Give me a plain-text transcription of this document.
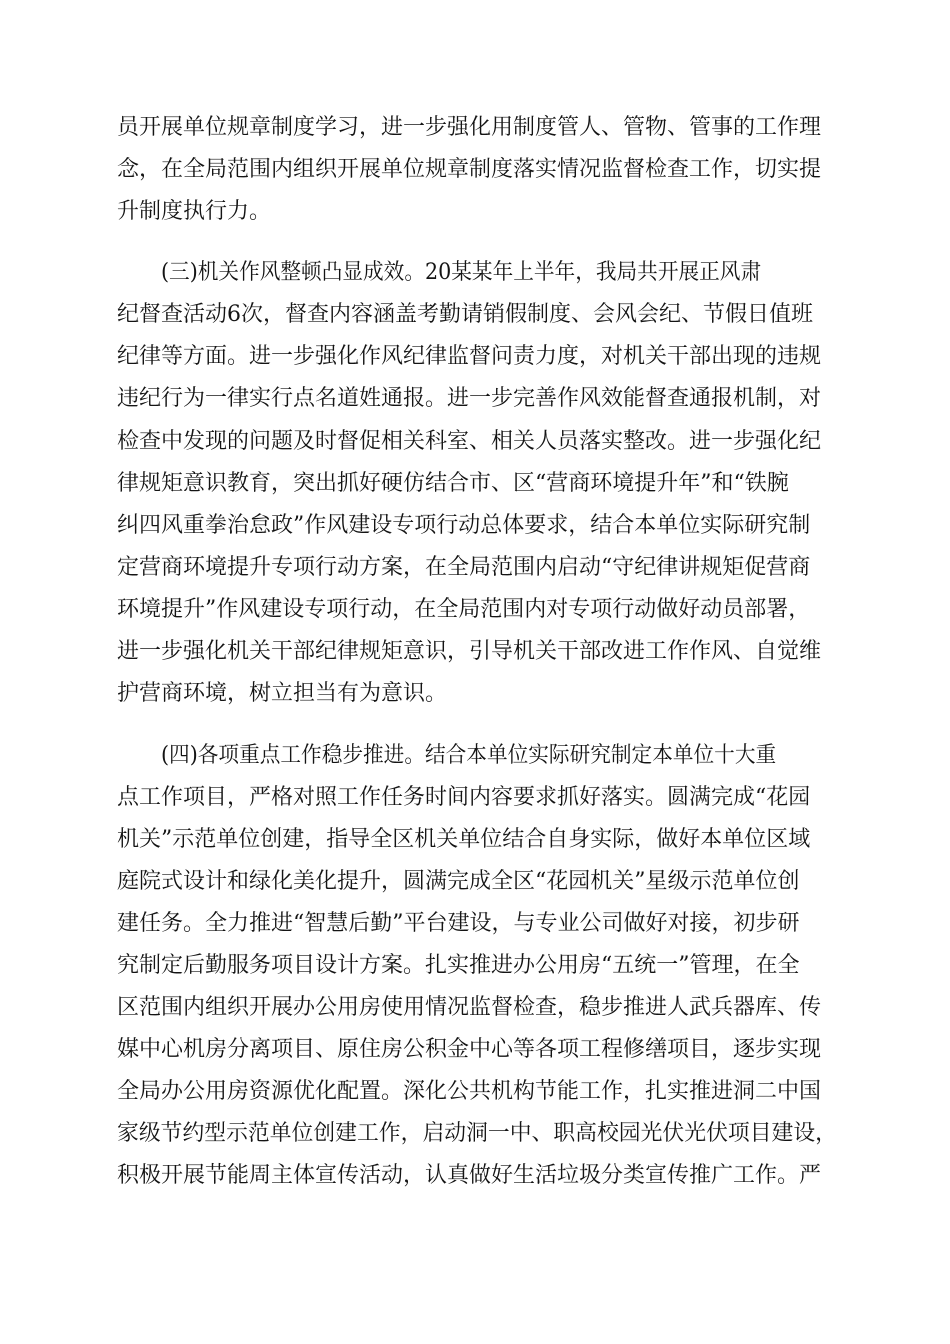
员开展单位规章制度学习，进一步强化用制度管人、管物、管事的工作理
念，在全局范围内组织开展单位规章制度落实情况监督检查工作，切实提
升制度执行力。
(三)机关作风整顿凸显成效。20某某年上半年，我局共开展正风肃
纪督查活动6次，督查内容涵盖考勤请销假制度、会风会纪、节假日值班
纪律等方面。进一步强化作风纪律监督问责力度，对机关干部出现的违规
违纪行为一律实行点名道姓通报。进一步完善作风效能督查通报机制，对
检查中发现的问题及时督促相关科室、相关人员落实整改。进一步强化纪
律规矩意识教育，突出抓好硬仿结合市、区“营商环境提升年”和“铁腕
纠四风重拳治怠政”作风建设专项行动总体要求，结合本单位实际研究制
定营商环境提升专项行动方案，在全局范围内启动“守纪律讲规矩促营商
环境提升”作风建设专项行动，在全局范围内对专项行动做好动员部署，
进一步强化机关干部纪律规矩意识，引导机关干部改进工作作风、自觉维
护营商环境，树立担当有为意识。
(四)各项重点工作稳步推进。结合本单位实际研究制定本单位十大重
点工作项目，严格对照工作任务时间内容要求抓好落实。圆满完成“花园
机关”示范单位创建，指导全区机关单位结合自身实际，做好本单位区域
庭院式设计和绿化美化提升，圆满完成全区“花园机关”星级示范单位创
建任务。全力推进“智慧后勤”平台建设，与专业公司做好对接，初步研
究制定后勤服务项目设计方案。扎实推进办公用房“五统一”管理，在全
区范围内组织开展办公用房使用情况监督检查，稳步推进人武兵器库、传
媒中心机房分离项目、原住房公积金中心等各项工程修缮项目，逐步实现
全局办公用房资源优化配置。深化公共机构节能工作，扎实推进洞二中国
家级节约型示范单位创建工作，启动洞一中、职高校园光伏光伏项目建设，
积极开展节能周主体宣传活动，认真做好生活垃圾分类宣传推广工作。严
